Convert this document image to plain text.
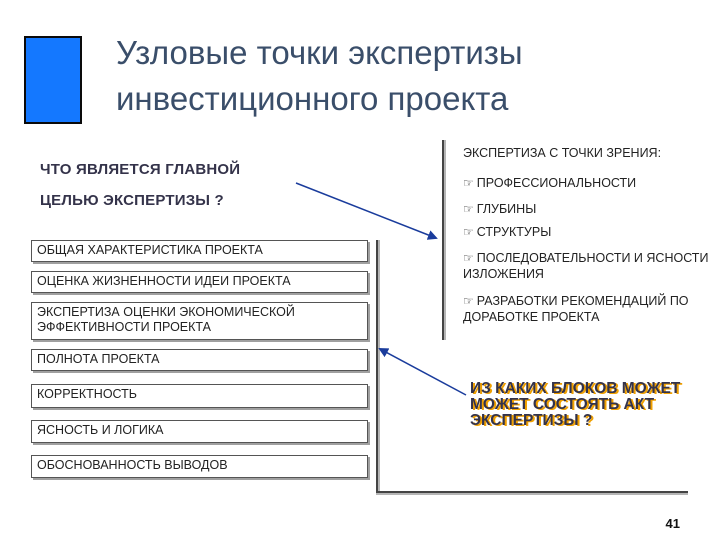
Узловые точки экспертизы
инвестиционного проекта
ЧТО ЯВЛЯЕТСЯ ГЛАВНОЙ
ЦЕЛЬЮ ЭКСПЕРТИЗЫ ?
ОБЩАЯ ХАРАКТЕРИСТИКА ПРОЕКТА
ОЦЕНКА ЖИЗНЕННОСТИ ИДЕИ ПРОЕКТА
ЭКСПЕРТИЗА ОЦЕНКИ ЭКОНОМИЧЕСКОЙ ЭФФЕКТИВНОСТИ ПРОЕКТА
ПОЛНОТА ПРОЕКТА
КОРРЕКТНОСТЬ
ЯСНОСТЬ И ЛОГИКА
ОБОСНОВАННОСТЬ ВЫВОДОВ
ЭКСПЕРТИЗА С ТОЧКИ ЗРЕНИЯ:
☞ ПРОФЕССИОНАЛЬНОСТИ
☞ ГЛУБИНЫ
☞ СТРУКТУРЫ
☞ ПОСЛЕДОВАТЕЛЬНОСТИ И ЯСНОСТИ ИЗЛОЖЕНИЯ
☞ РАЗРАБОТКИ РЕКОМЕНДАЦИЙ ПО ДОРАБОТКЕ ПРОЕКТА
ИЗ КАКИХ БЛОКОВ МОЖЕТ МОЖЕТ СОСТОЯТЬ АКТ ЭКСПЕРТИЗЫ ?
41
